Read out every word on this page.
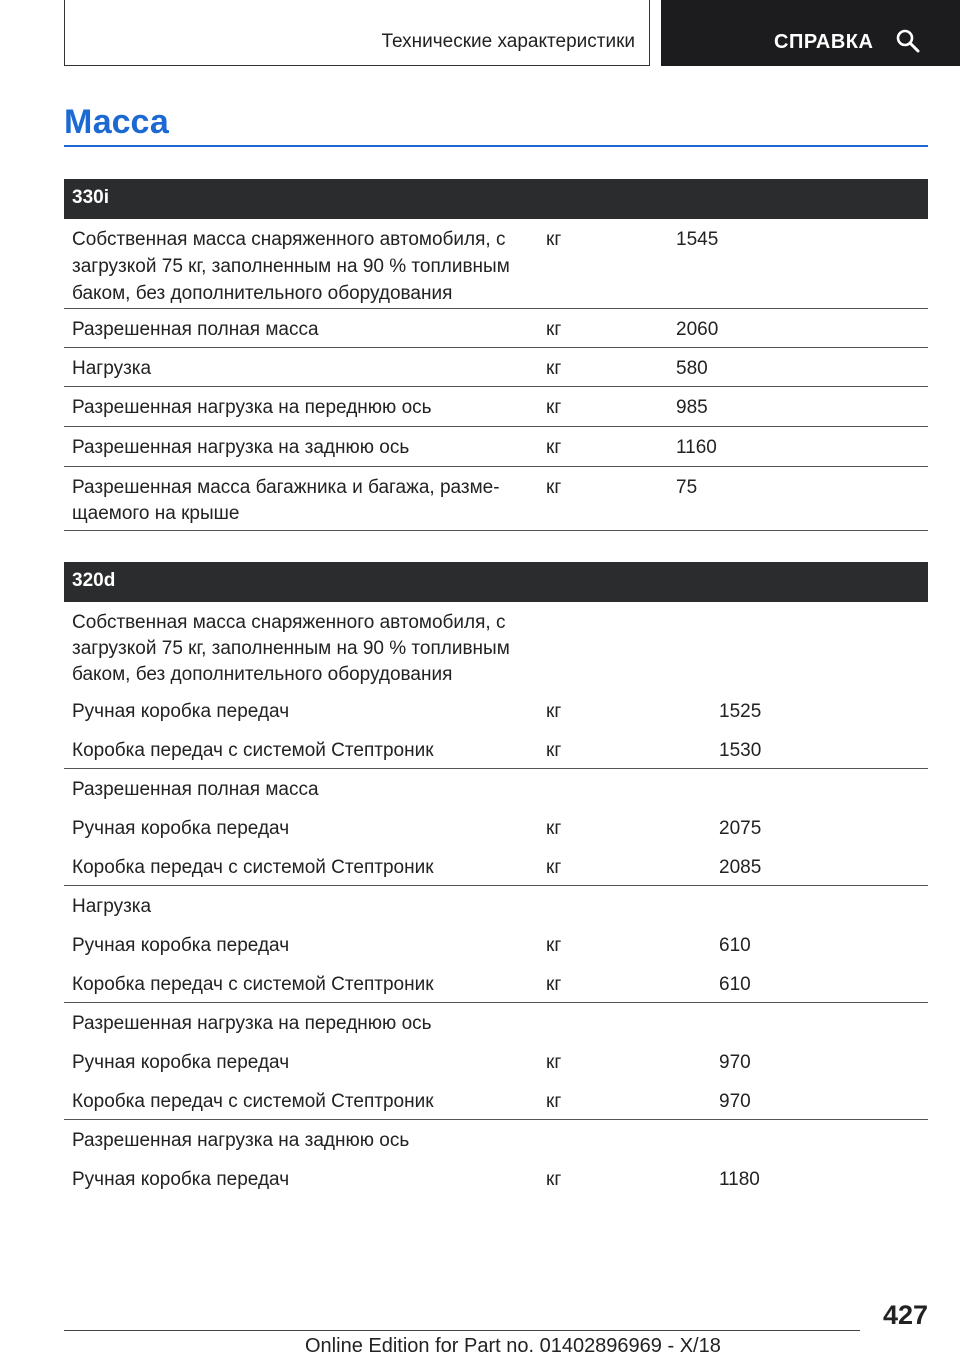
Технические характеристики	СПРАВКА
Масса
330i
Собственная масса снаряженного автомобиля, с
загрузкой 75 кг, заполненным на 90 % топливным
баком, без дополнительного оборудования
кг	1545
Разрешенная полная масса	кг	2060
Нагрузка	кг	580
Разрешенная нагрузка на переднюю ось	кг	985
Разрешенная нагрузка на заднюю ось	кг	1160
Разрешенная масса багажника и багажа, разме-
щаемого на крыше
кг	75
320d
Собственная масса снаряженного автомобиля, с
загрузкой 75 кг, заполненным на 90 % топливным
баком, без дополнительного оборудования
Ручная коробка передач	кг	1525
Коробка передач с системой Стептроник	кг	1530
Разрешенная полная масса
Ручная коробка передач	кг	2075
Коробка передач с системой Стептроник	кг	2085
Нагрузка
Ручная коробка передач	кг	610
Коробка передач с системой Стептроник	кг	610
Разрешенная нагрузка на переднюю ось
Ручная коробка передач	кг	970
Коробка передач с системой Стептроник	кг	970
Разрешенная нагрузка на заднюю ось
Ручная коробка передач	кг	1180
427
Online Edition for Part no. 01402896969 - X/18
